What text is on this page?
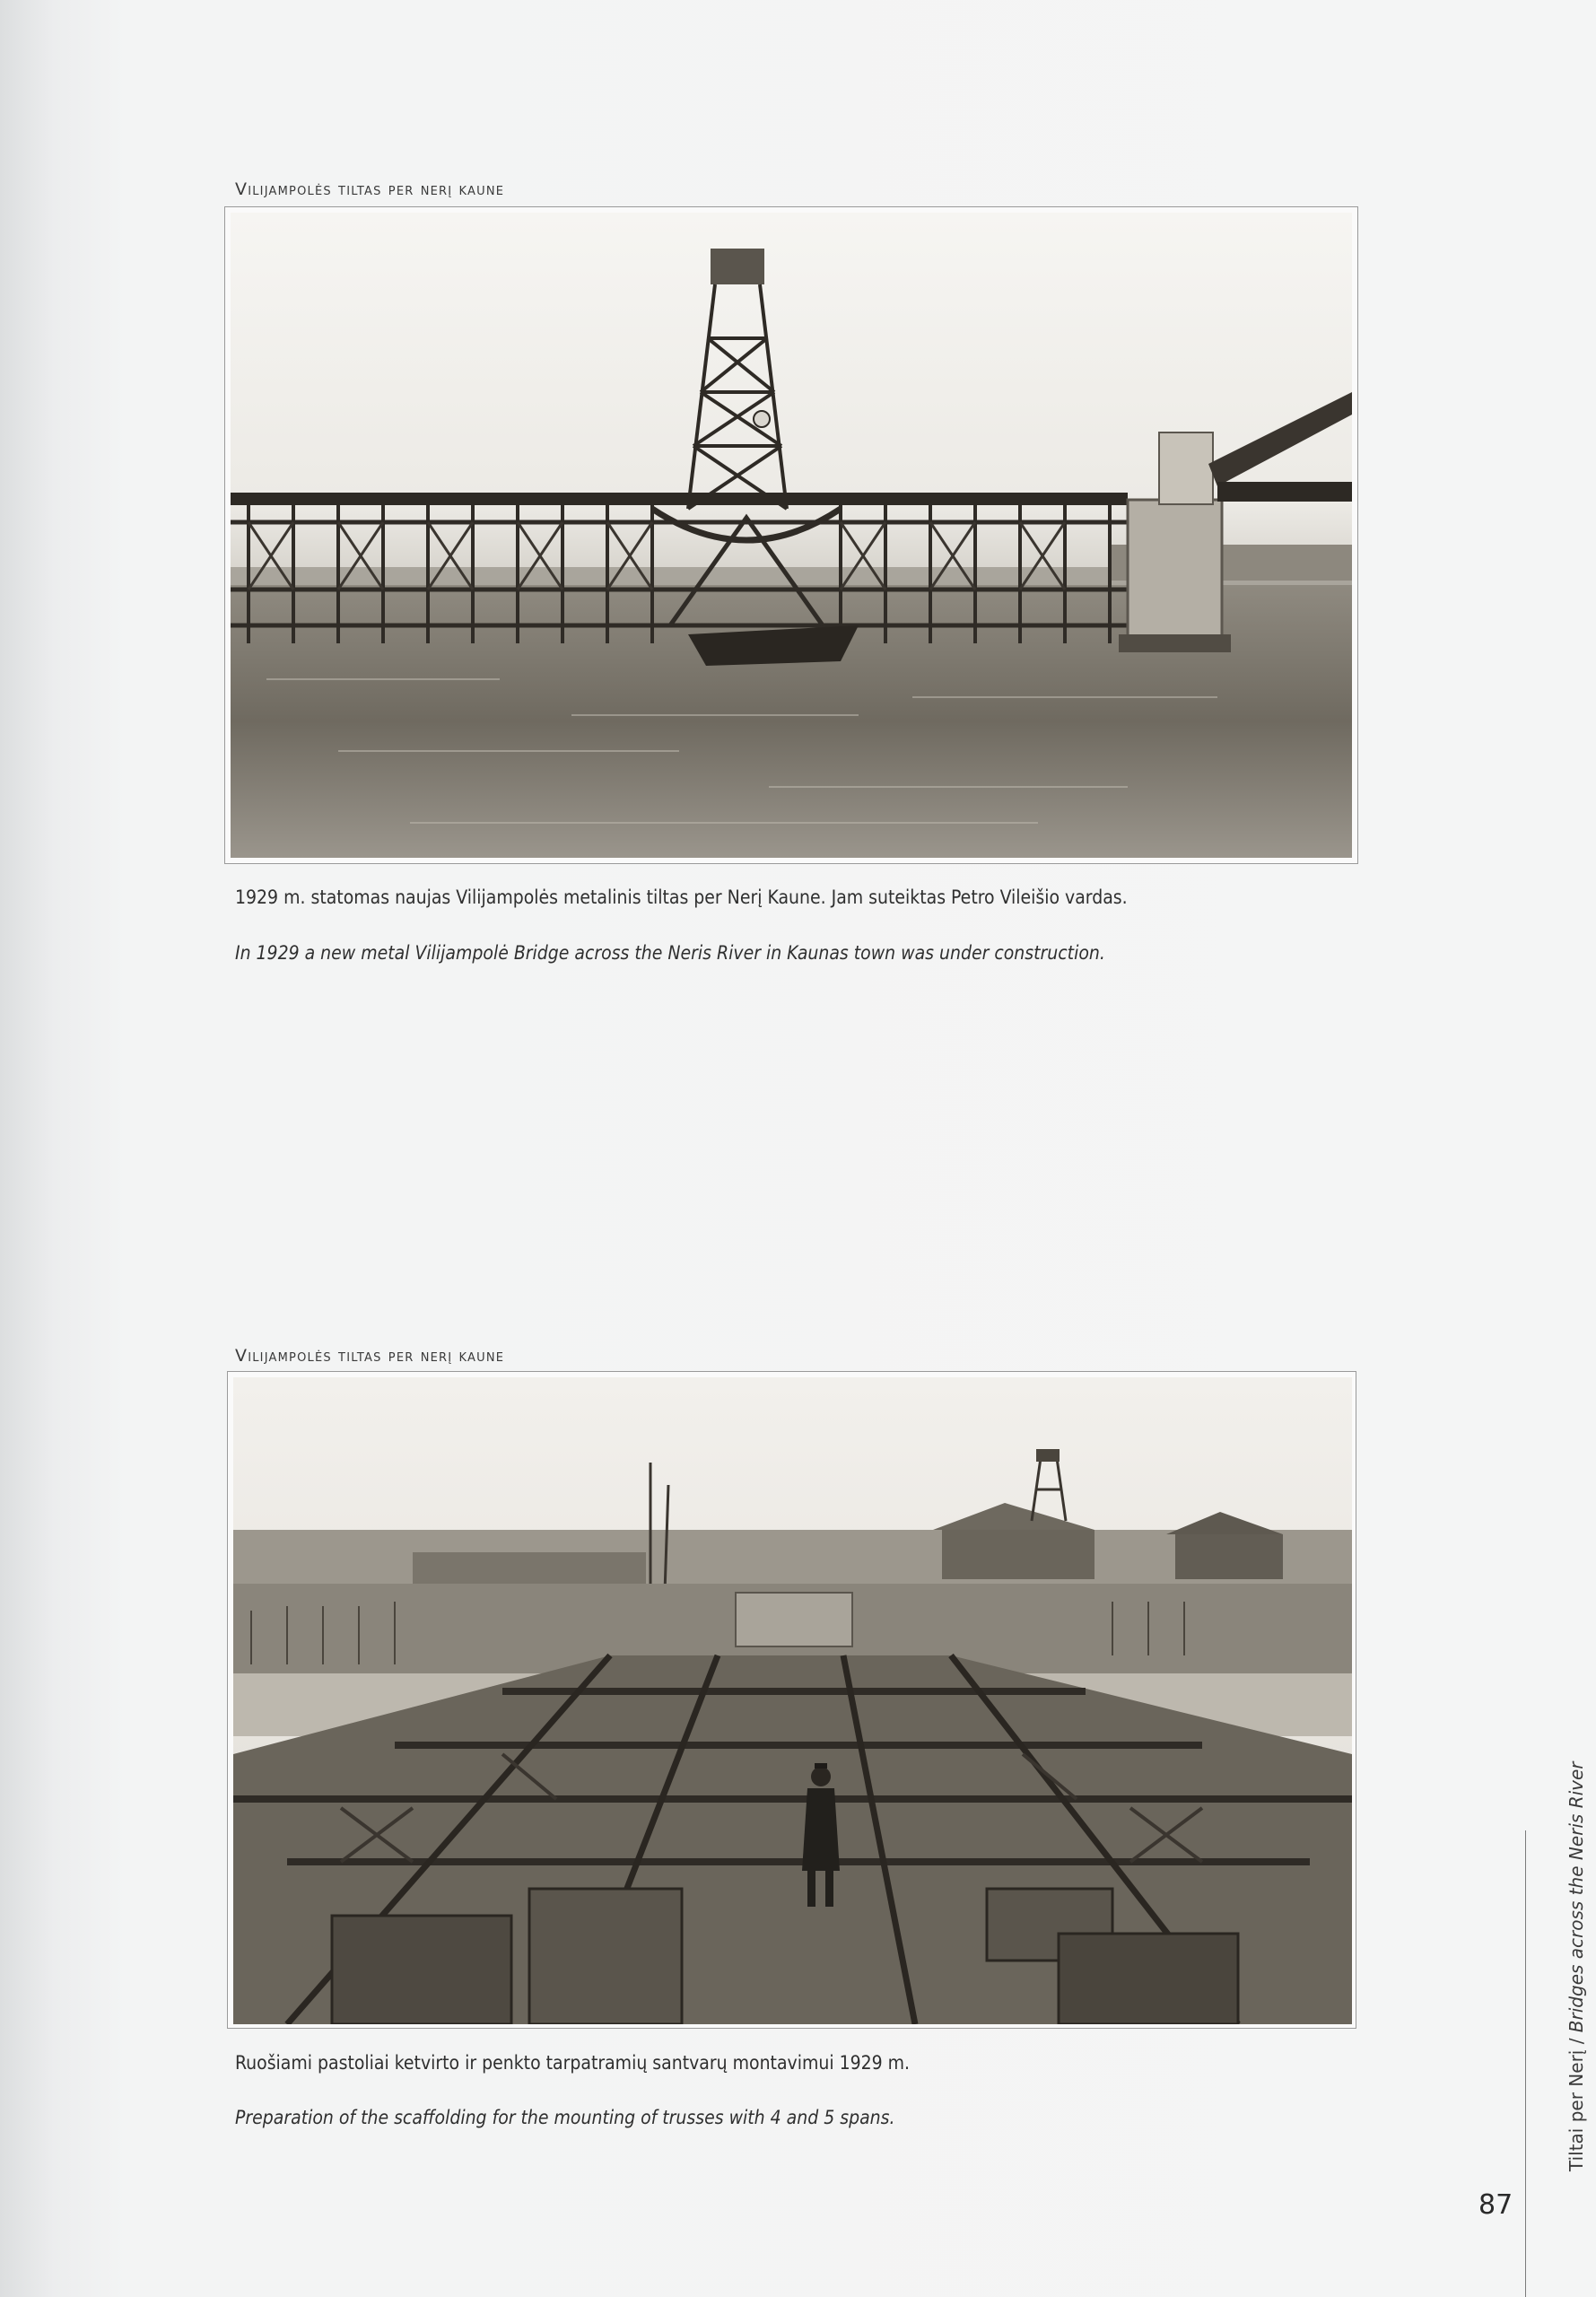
Vilijampolės tiltas per nerį kaune
1929 m. statomas naujas Vilijampolės metalinis tiltas per Nerį Kaune. Jam suteiktas Petro Vileišio vardas.
In 1929 a new metal Vilijampolė Bridge across the Neris River in Kaunas town was under construction.
Vilijampolės tiltas per nerį kaune
Ruošiami pastoliai ketvirto ir penkto tarpatramių santvarų montavimui 1929 m.
Preparation of the scaffolding for the mounting of trusses with 4 and 5 spans.	Tiltai per Nerį / Bridges across the Neris River
87
